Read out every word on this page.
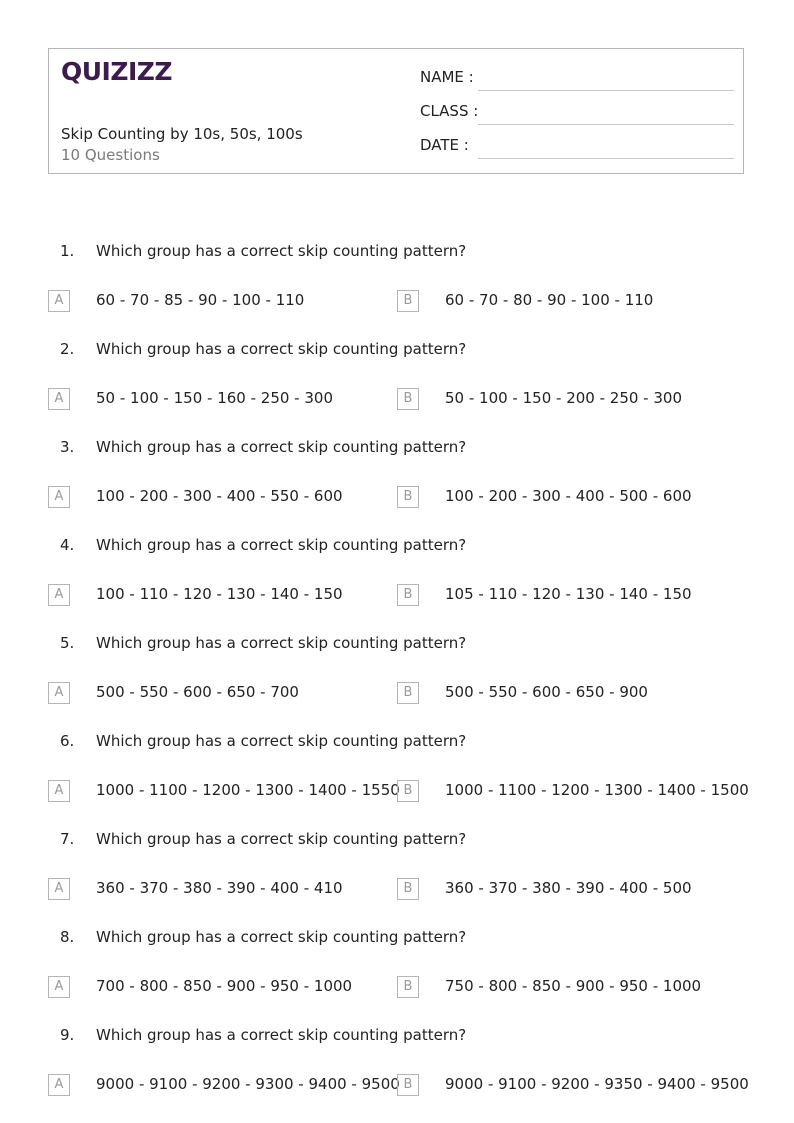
QUIZIZZ
Skip Counting by 10s, 50s, 100s
10 Questions
NAME :
CLASS :
DATE :
1. Which group has a correct skip counting pattern?
A	60 - 70 - 85 - 90 - 100 - 110	B	60 - 70 - 80 - 90 - 100 - 110
2. Which group has a correct skip counting pattern?
A	50 - 100 - 150 - 160 - 250 - 300	B	50 - 100 - 150 - 200 - 250 - 300
3. Which group has a correct skip counting pattern?
A	100 - 200 - 300 - 400 - 550 - 600	B	100 - 200 - 300 - 400 - 500 - 600
4. Which group has a correct skip counting pattern?
A	100 - 110 - 120 - 130 - 140 - 150	B	105 - 110 - 120 - 130 - 140 - 150
5. Which group has a correct skip counting pattern?
A	500 - 550 - 600 - 650 - 700	B	500 - 550 - 600 - 650 - 900
6. Which group has a correct skip counting pattern?
A	1000 - 1100 - 1200 - 1300 - 1400 - 1550 B	1000 - 1100 - 1200 - 1300 - 1400 - 1500
7. Which group has a correct skip counting pattern?
A	360 - 370 - 380 - 390 - 400 - 410	B	360 - 370 - 380 - 390 - 400 - 500
8. Which group has a correct skip counting pattern?
A	700 - 800 - 850 - 900 - 950 - 1000	B	750 - 800 - 850 - 900 - 950 - 1000
9. Which group has a correct skip counting pattern?
A	9000 - 9100 - 9200 - 9300 - 9400 - 9500 B	9000 - 9100 - 9200 - 9350 - 9400 - 9500
